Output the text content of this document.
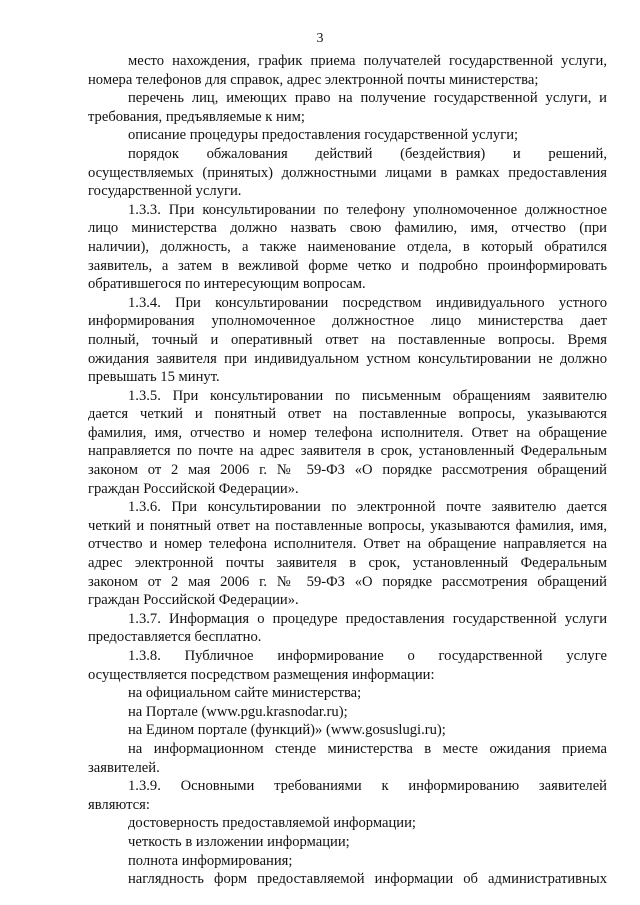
3
место нахождения, график приема получателей государственной услуги,
номера телефонов для справок, адрес электронной почты министерства;
перечень лиц, имеющих право на получение государственной услуги, и
требования, предъявляемые к ним;
описание процедуры предоставления государственной услуги;
порядок обжалования действий (бездействия) и решений,
осуществляемых (принятых) должностными лицами в рамках предоставления
государственной услуги.
1.3.3. При консультировании по телефону уполномоченное должностное
лицо министерства должно назвать свою фамилию, имя, отчество (при
наличии), должность, а также наименование отдела, в который обратился
заявитель, а затем в вежливой форме четко и подробно проинформировать
обратившегося по интересующим вопросам.
1.3.4. При консультировании посредством индивидуального устного
информирования уполномоченное должностное лицо министерства дает
полный, точный и оперативный ответ на поставленные вопросы. Время
ожидания заявителя при индивидуальном устном консультировании не должно
превышать 15 минут.
1.3.5. При консультировании по письменным обращениям заявителю
дается четкий и понятный ответ на поставленные вопросы, указываются
фамилия, имя, отчество и номер телефона исполнителя. Ответ на обращение
направляется по почте на адрес заявителя в срок, установленный Федеральным
законом от 2 мая 2006 г. № 59-ФЗ «О порядке рассмотрения обращений
граждан Российской Федерации».
1.3.6. При консультировании по электронной почте заявителю дается
четкий и понятный ответ на поставленные вопросы, указываются фамилия, имя,
отчество и номер телефона исполнителя. Ответ на обращение направляется на
адрес электронной почты заявителя в срок, установленный Федеральным
законом от 2 мая 2006 г. № 59-ФЗ «О порядке рассмотрения обращений
граждан Российской Федерации».
1.3.7. Информация о процедуре предоставления государственной услуги
предоставляется бесплатно.
1.3.8. Публичное информирование о государственной услуге
осуществляется посредством размещения информации:
на официальном сайте министерства;
на Портале (www.pgu.krasnodar.ru);
на Едином портале (функций)» (www.gosuslugi.ru);
на информационном стенде министерства в месте ожидания приема
заявителей.
1.3.9. Основными требованиями к информированию заявителей
являются:
достоверность предоставляемой информации;
четкость в изложении информации;
полнота информирования;
наглядность форм предоставляемой информации об административных
